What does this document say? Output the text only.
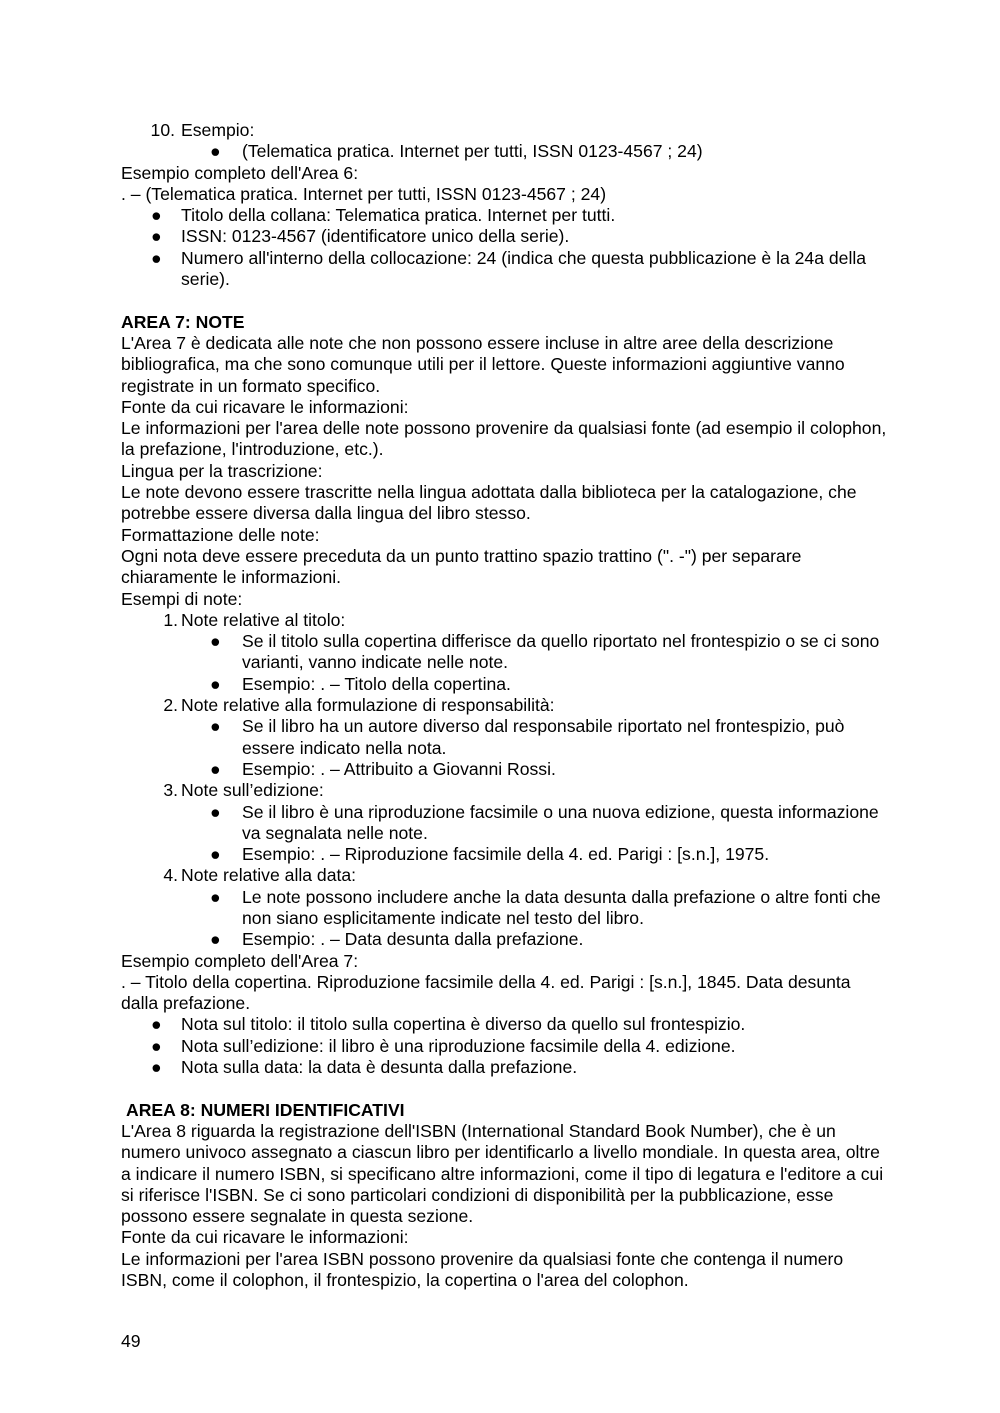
10. Esempio:
● (Telematica pratica. Internet per tutti, ISSN 0123-4567 ; 24)

Esempio completo dell'Area 6:

. – (Telematica pratica. Internet per tutti, ISSN 0123-4567 ; 24)

● Titolo della collana: Telematica pratica. Internet per tutti.
● ISSN: 0123-4567 (identificatore unico della serie).
● Numero all'interno della collocazione: 24 (indica che questa pubblicazione è la 24a della serie).

AREA 7: NOTE

L'Area 7 è dedicata alle note che non possono essere incluse in altre aree della descrizione bibliografica, ma che sono comunque utili per il lettore. Queste informazioni aggiuntive vanno registrate in un formato specifico.

Fonte da cui ricavare le informazioni:

Le informazioni per l'area delle note possono provenire da qualsiasi fonte (ad esempio il colophon, la prefazione, l'introduzione, etc.).

Lingua per la trascrizione:

Le note devono essere trascritte nella lingua adottata dalla biblioteca per la catalogazione, che potrebbe essere diversa dalla lingua del libro stesso.

Formattazione delle note:

Ogni nota deve essere preceduta da un punto trattino spazio trattino (". -") per separare chiaramente le informazioni.

Esempi di note:

1. Note relative al titolo:
● Se il titolo sulla copertina differisce da quello riportato nel frontespizio o se ci sono varianti, vanno indicate nelle note.
● Esempio: . – Titolo della copertina.
2. Note relative alla formulazione di responsabilità:
● Se il libro ha un autore diverso dal responsabile riportato nel frontespizio, può essere indicato nella nota.
● Esempio: . – Attribuito a Giovanni Rossi.
3. Note sull’edizione:
● Se il libro è una riproduzione facsimile o una nuova edizione, questa informazione va segnalata nelle note.
● Esempio: . – Riproduzione facsimile della 4. ed. Parigi : [s.n.], 1975.
4. Note relative alla data:
● Le note possono includere anche la data desunta dalla prefazione o altre fonti che non siano esplicitamente indicate nel testo del libro.
● Esempio: . – Data desunta dalla prefazione.

Esempio completo dell'Area 7:

. – Titolo della copertina. Riproduzione facsimile della 4. ed. Parigi : [s.n.], 1845. Data desunta dalla prefazione.

● Nota sul titolo: il titolo sulla copertina è diverso da quello sul frontespizio.
● Nota sull’edizione: il libro è una riproduzione facsimile della 4. edizione.
● Nota sulla data: la data è desunta dalla prefazione.

AREA 8: NUMERI IDENTIFICATIVI

L'Area 8 riguarda la registrazione dell'ISBN (International Standard Book Number), che è un numero univoco assegnato a ciascun libro per identificarlo a livello mondiale. In questa area, oltre a indicare il numero ISBN, si specificano altre informazioni, come il tipo di legatura e l'editore a cui si riferisce l'ISBN. Se ci sono particolari condizioni di disponibilità per la pubblicazione, esse possono essere segnalate in questa sezione.

Fonte da cui ricavare le informazioni:

Le informazioni per l'area ISBN possono provenire da qualsiasi fonte che contenga il numero ISBN, come il colophon, il frontespizio, la copertina o l'area del colophon.

49
